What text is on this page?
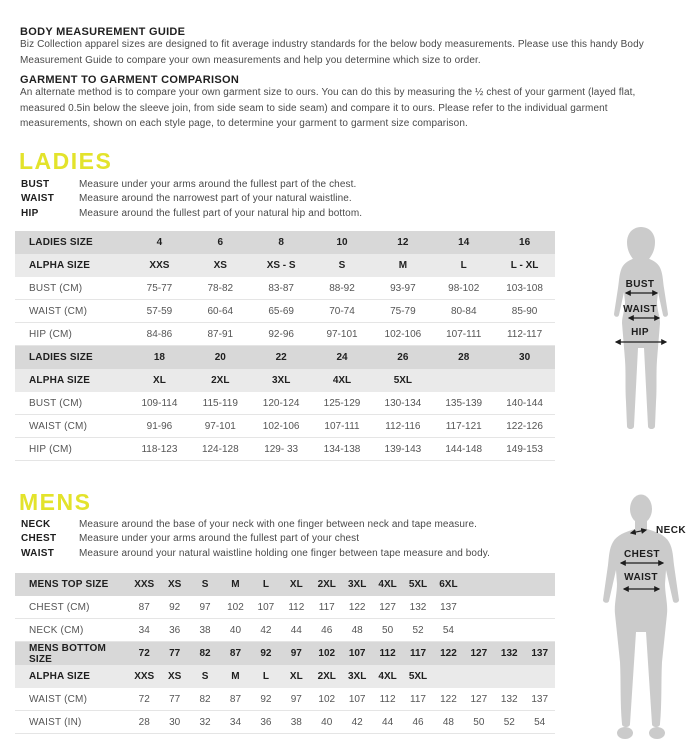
BODY MEASUREMENT GUIDE

Biz Collection apparel sizes are designed to fit average industry standards for the below body measurements. Please use this handy Body Measurement Guide to compare your own measurements and help you determine which size to order.

GARMENT TO GARMENT COMPARISON

An alternate method is to compare your own garment size to ours. You can do this by measuring the ½ chest of your garment (layed flat, measured 0.5in below the sleeve join, from side seam to side seam) and compare it to ours. Please refer to the individual garment measurements, shown on each style page, to determine your garment to garment size comparison.

LADIES
BUST	Measure under your arms around the fullest part of the chest.
WAIST	Measure around the narrowest part of your natural waistline.
HIP	Measure around the fullest part of your natural hip and bottom.
LADIES SIZE	4	6	8	10	12	14	16
ALPHA SIZE	XXS	XS	XS - S	S	M	L	L - XL
BUST (CM)	75-77	78-82	83-87	88-92	93-97	98-102	103-108
WAIST (CM)	57-59	60-64	65-69	70-74	75-79	80-84	85-90
HIP (CM)	84-86	87-91	92-96	97-101	102-106	107-111	112-117
LADIES SIZE	18	20	22	24	26	28	30
ALPHA SIZE	XL	2XL	3XL	4XL	5XL
BUST (CM)	109-114	115-119	120-124	125-129	130-134	135-139	140-144
WAIST (CM)	91-96	97-101	102-106	107-111	112-116	117-121	122-126
HIP (CM)	118-123	124-128	129- 33	134-138	139-143	144-148	149-153
BUST
WAIST
HIP
MENS
NECK	Measure around the base of your neck with one finger between neck and tape measure.
CHEST	Measure under your arms around the fullest part of your chest
WAIST	Measure around your natural waistline holding one finger between tape measure and body.
MENS TOP SIZE	XXS	XS	S	M	L	XL	2XL	3XL	4XL	5XL	6XL
CHEST (CM)	87	92	97	102	107	112	117	122	127	132	137
NECK (CM)	34	36	38	40	42	44	46	48	50	52	54
MENS BOTTOM SIZE	72	77	82	87	92	97	102	107	112	117	122	127	132	137
ALPHA SIZE	XXS	XS	S	M	L	XL	2XL	3XL	4XL	5XL
WAIST (CM)	72	77	82	87	92	97	102	107	112	117	122	127	132	137
WAIST (IN)	28	30	32	34	36	38	40	42	44	46	48	50	52	54
NECK
CHEST
WAIST
